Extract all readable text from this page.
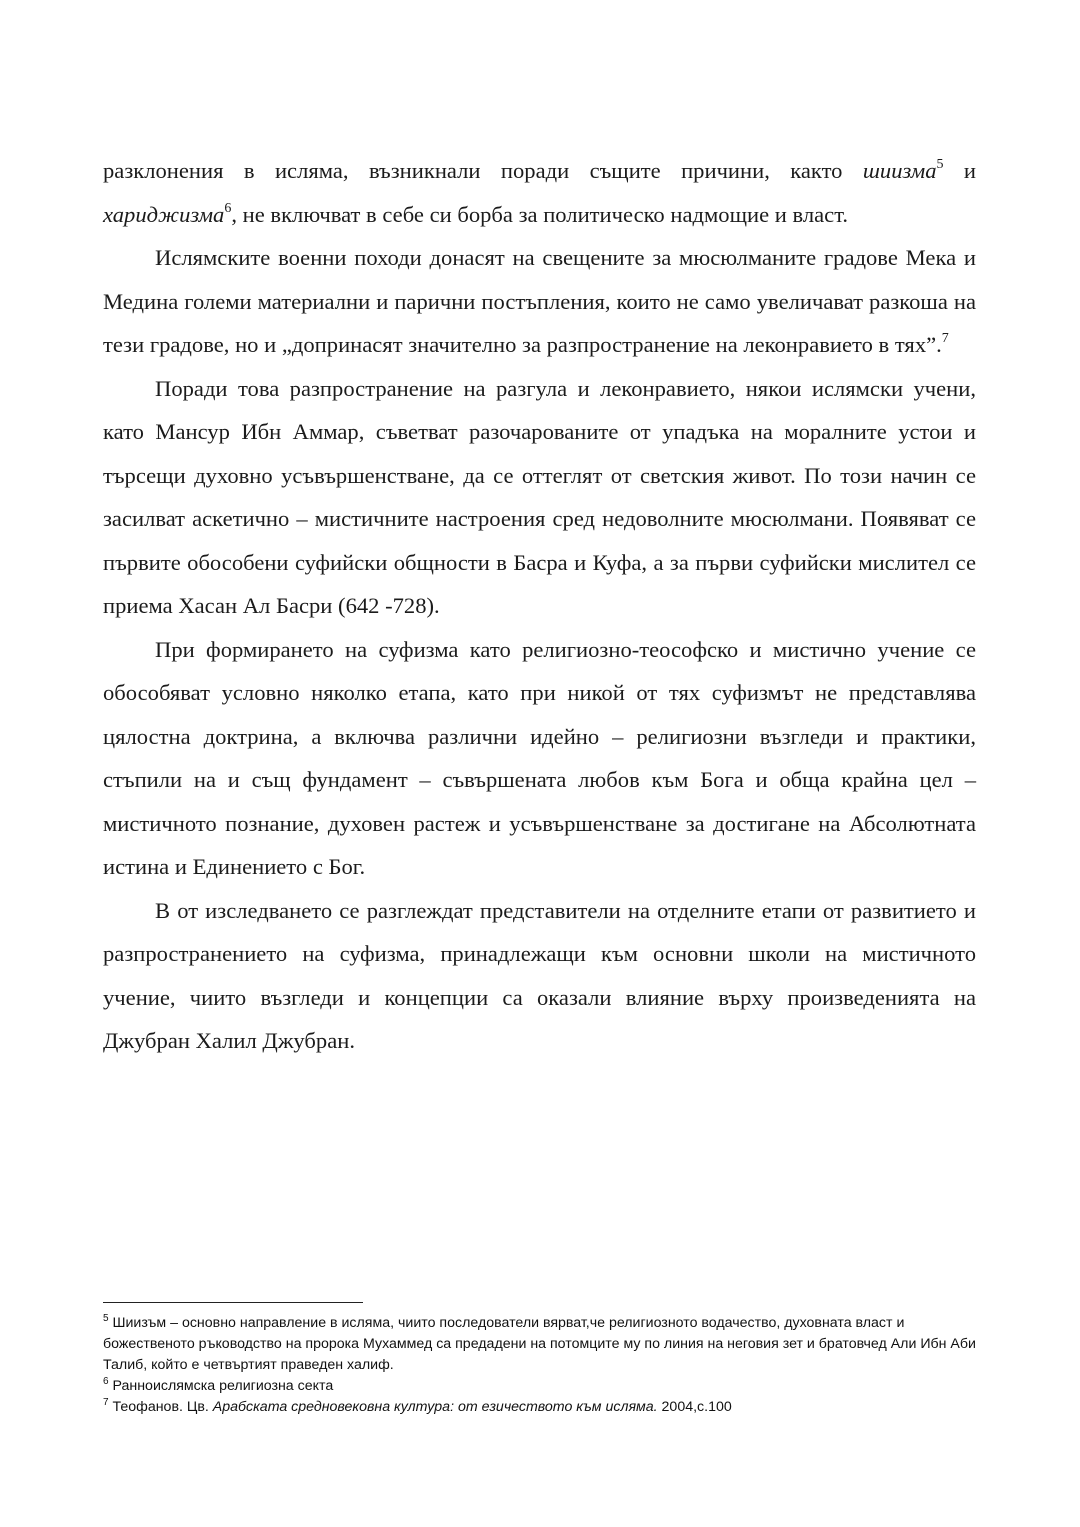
разклонения в исляма, възникнали поради същите причини, както шиизма$^5$ и хариджизма$^6$, не включват в себе си борба за политическо надмощие и власт.

Ислямските военни походи донасят на свещените за мюсюлманите градове Мека и Медина големи материални и парични постъпления, които не само увеличават разкоша на тези градове, но и „допринасят значително за разпространение на леконравието в тях”.$^7$

Поради това разпространение на разгула и леконравието, някои ислямски учени, като Мансур Ибн Аммар, съветват разочарованите от упадъка на моралните устои и търсещи духовно усъвършенстване, да се оттеглят от светския живот. По този начин се засилват аскетично – мистичните настроения сред недоволните мюсюлмани. Появяват се първите обособени суфийски общности в Басра и Куфа, а за първи суфийски мислител се приема Хасан Ал Басри (642 -728).

При формирането на суфизма като религиозно-теософско и мистично учение се обособяват условно няколко етапа, като при никой от тях суфизмът не представлява цялостна доктрина, а включва различни идейно – религиозни възгледи и практики, стъпили на и същ фундамент – съвършената любов към Бога и обща крайна цел – мистичното познание, духовен растеж и усъвършенстване за достигане на Абсолютната истина и Единението с Бог.

В от изследването се разглеждат представители на отделните етапи от развитието и разпространението на суфизма, принадлежащи към основни школи на мистичното учение, чиито възгледи и концепции са оказали влияние върху произведенията на Джубран Халил Джубран.

$^5$ Шиизъм – основно направление в исляма, чиито последователи вярват,че религиозното водачество, духовната власт и божественото ръководство на пророка Мухаммед са предадени на потомците му по линия на неговия зет и братовчед Али Ибн Аби Талиб, който е четвъртият праведен халиф.

$^6$ Ранноислямска религиозна секта

$^7$ Теофанов. Цв. Арабската средновековна култура: от езичеството към исляма. 2004,с.100
